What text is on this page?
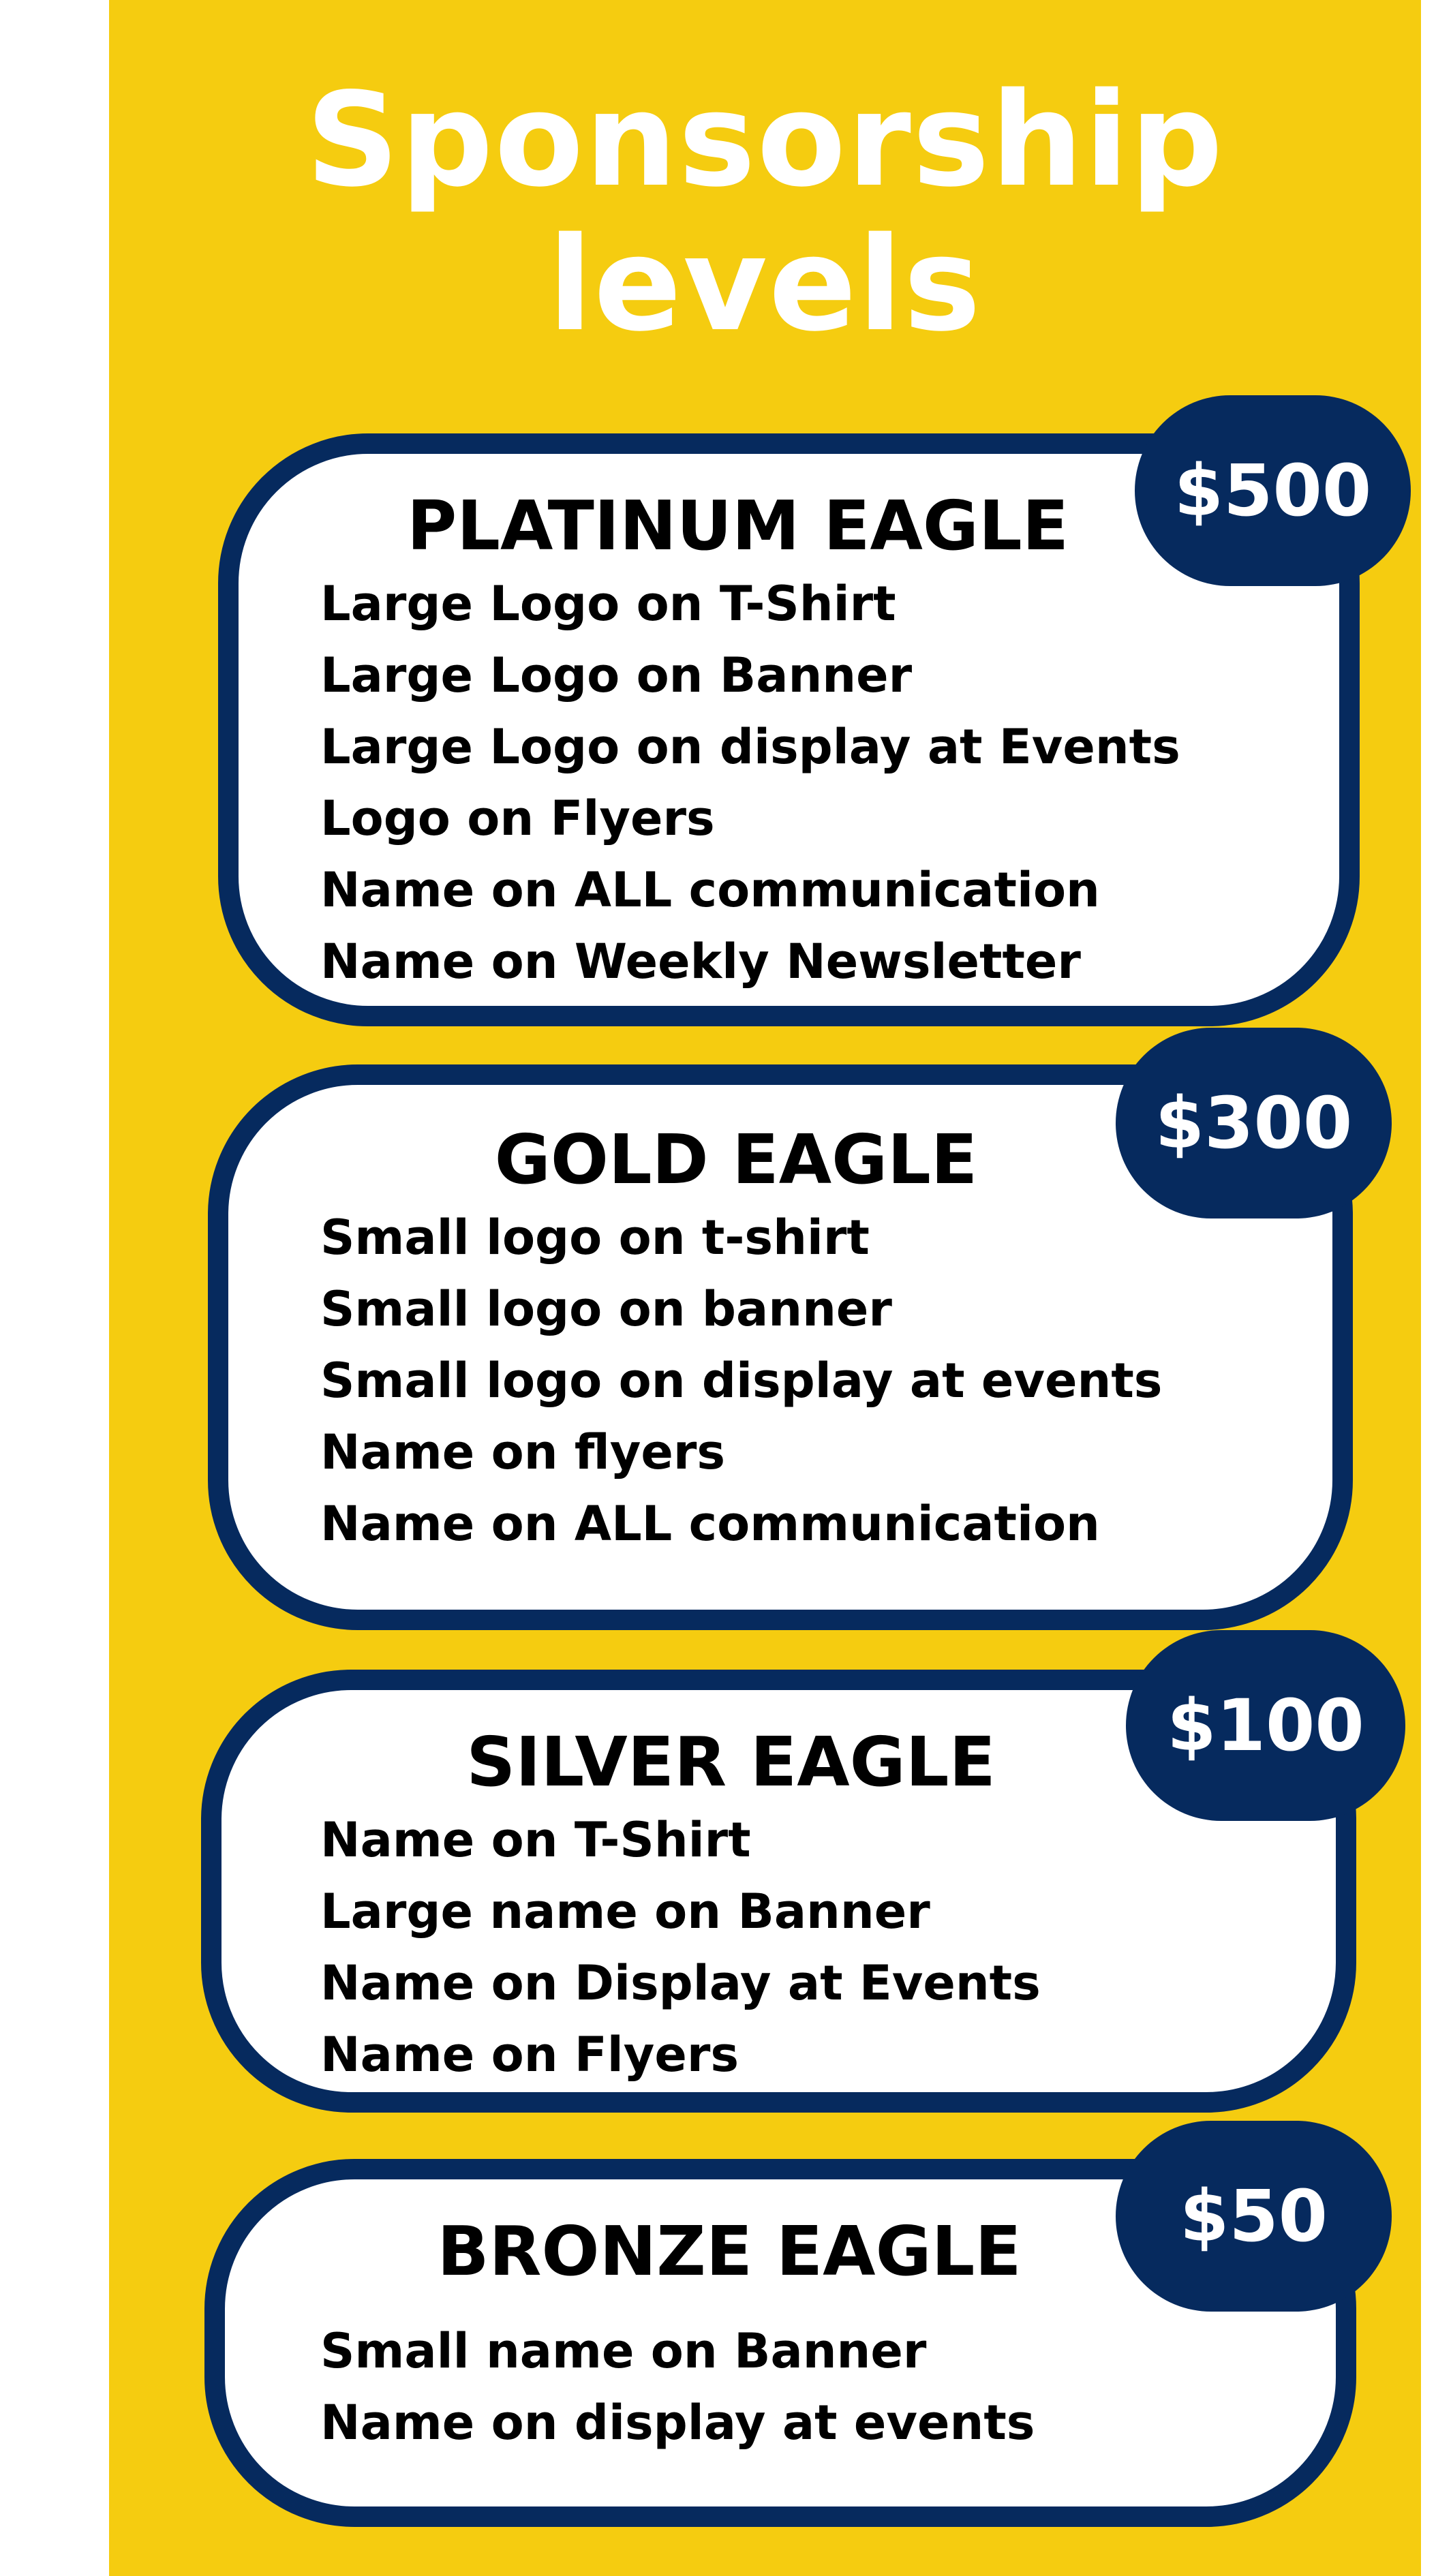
Sponsorship
levels
PLATINUM EAGLE
Large Logo on T-Shirt
Large Logo on Banner
Large Logo on display at Events
Logo on Flyers
Name on ALL communication
Name on Weekly Newsletter
$500
GOLD EAGLE
Small logo on t-shirt
Small logo on banner
Small logo on display at events
Name on flyers
Name on ALL communication
$300
SILVER EAGLE
Name on T-Shirt
Large name on Banner
Name on Display at Events
Name on Flyers
$100
BRONZE EAGLE
Small name on Banner
Name on display at events
$50
